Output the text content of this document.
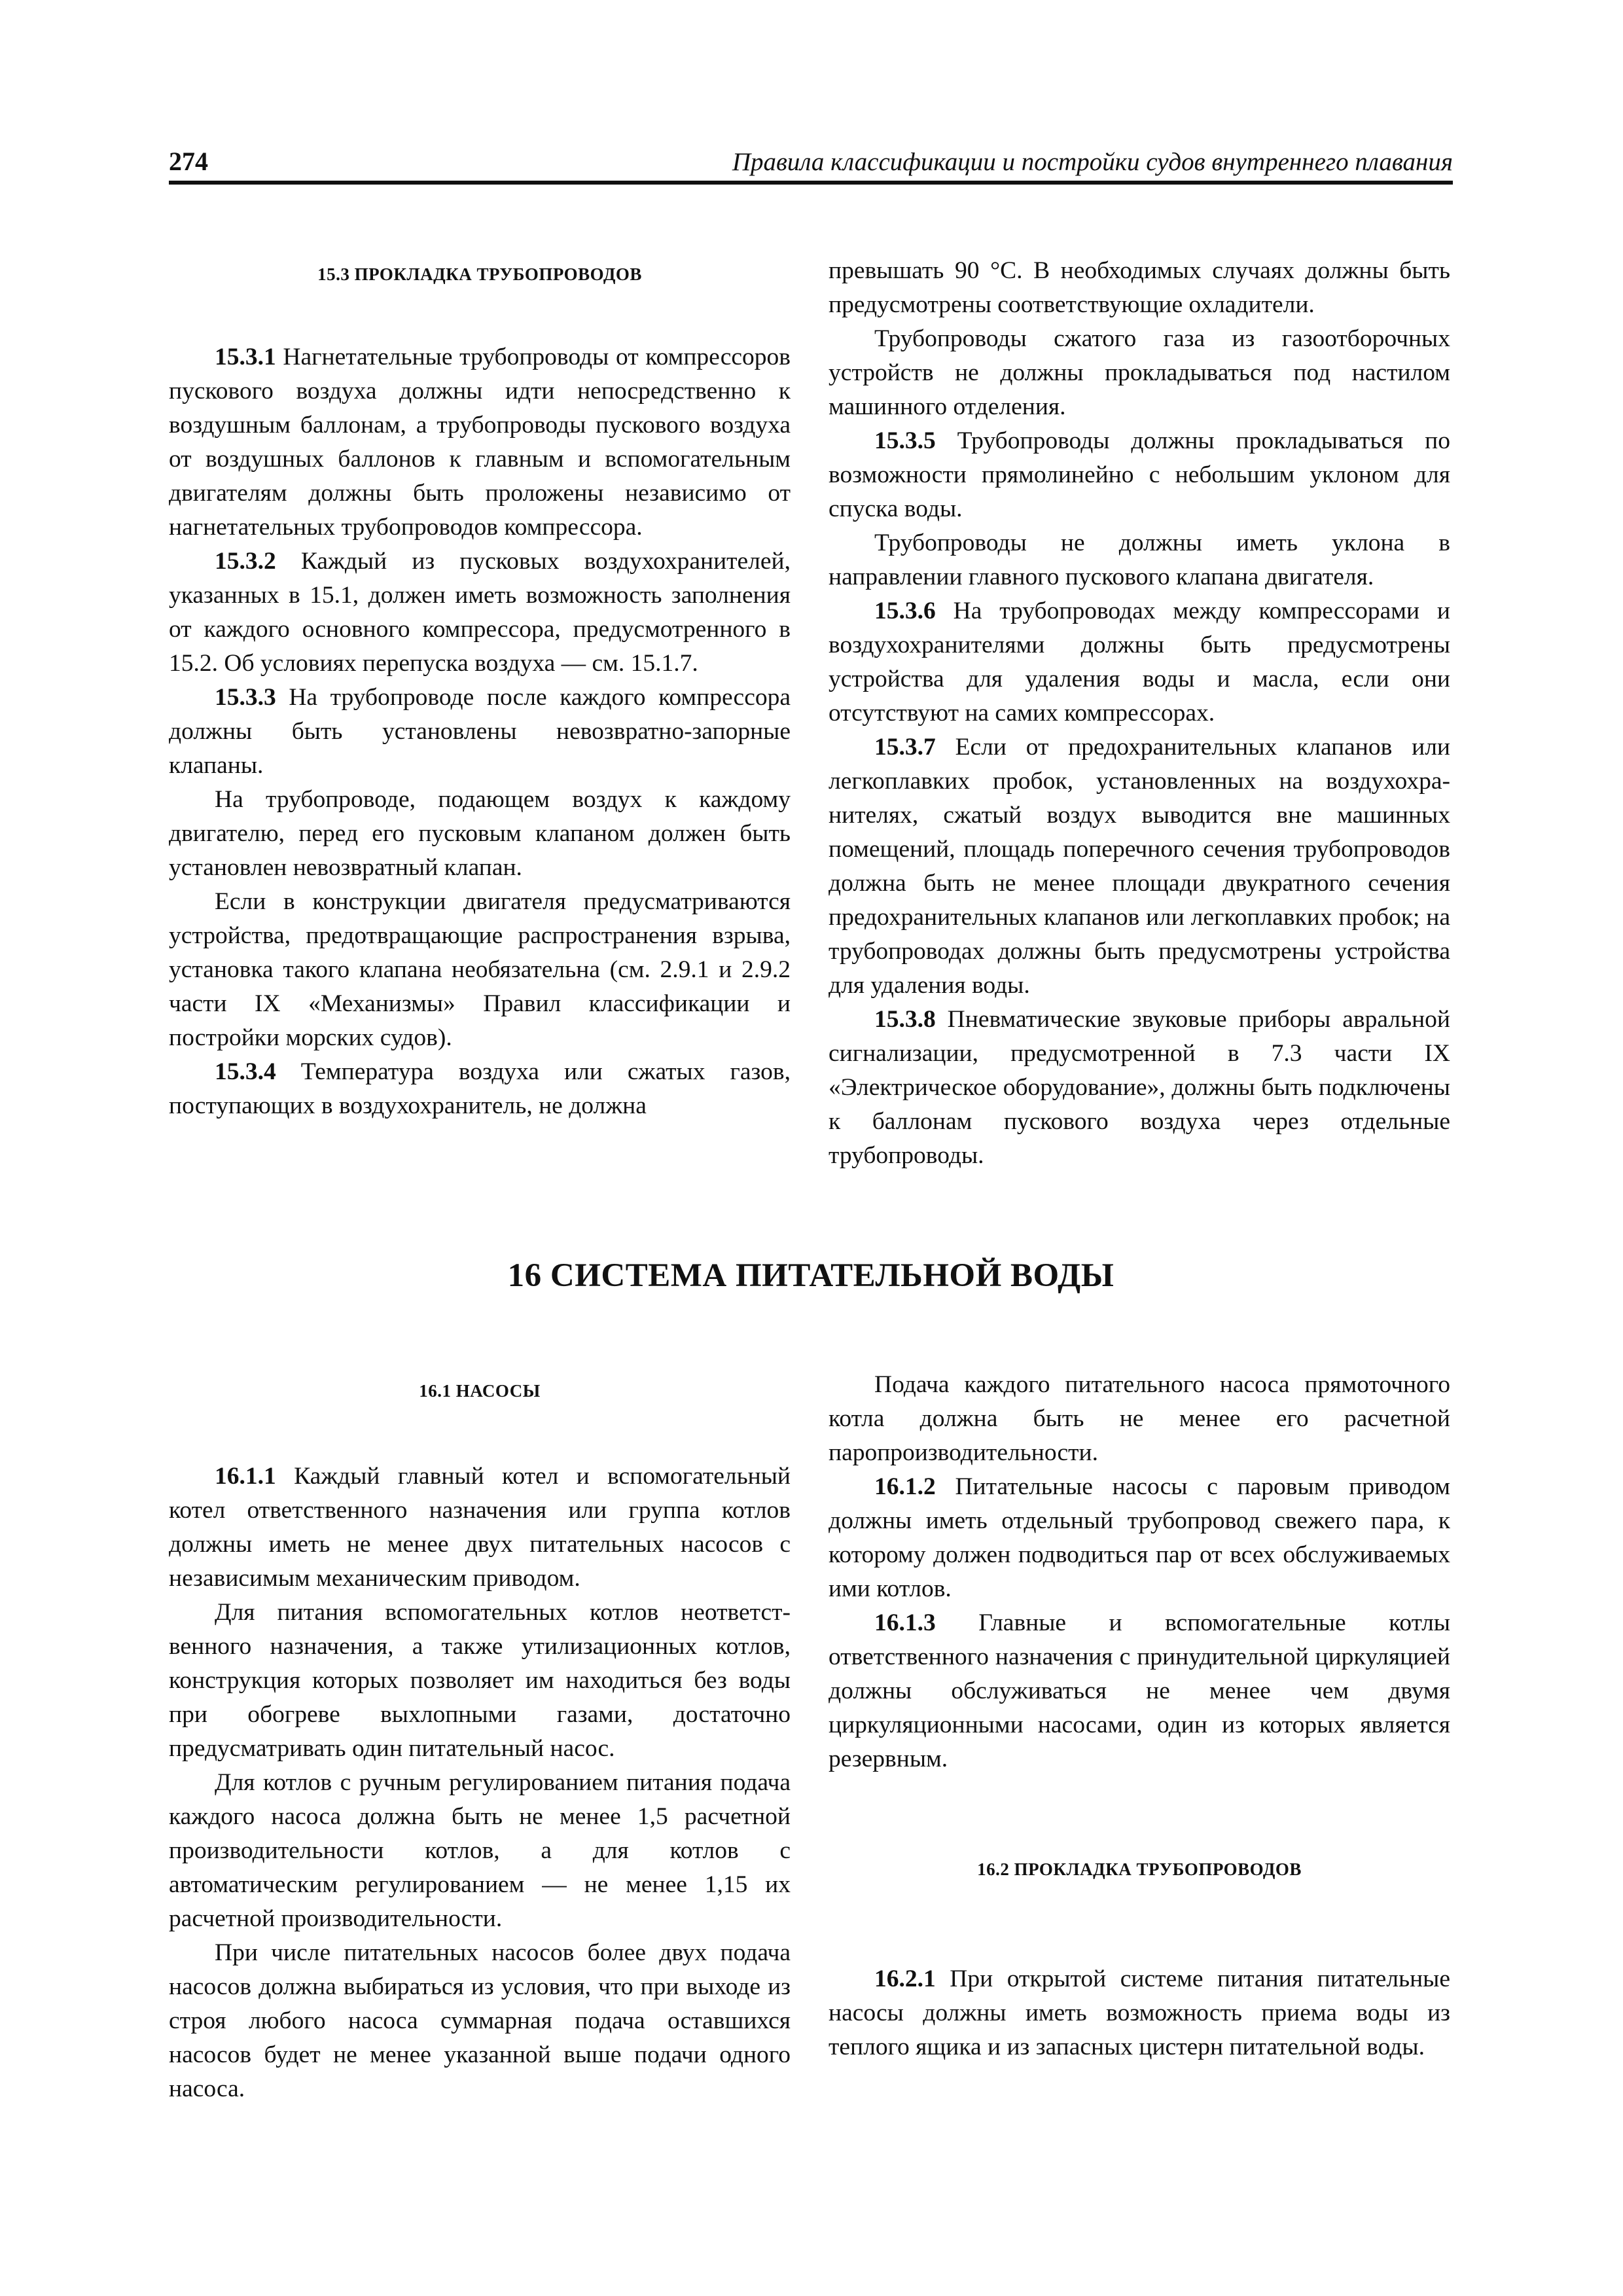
274	Правила классификации и постройки судов внутреннего плавания
15.3 ПРОКЛАДКА ТРУБОПРОВОДОВ

15.3.1 Нагнетательные трубопроводы от компрессоров пускового воздуха должны идти непосредственно к воздушным баллонам, а трубопроводы пускового воздуха от воздушных баллонов к главным и вспомогательным двигателям должны быть проложены независимо от нагнетательных трубопроводов компрессора.

15.3.2 Каждый из пусковых воздухохранителей, указанных в 15.1, должен иметь возможность заполнения от каждого основного компрессора, предусмотренного в 15.2. Об условиях перепуска воздуха — см. 15.1.7.

15.3.3 На трубопроводе после каждого компрессора должны быть установлены невозвратно-запорные клапаны.

На трубопроводе, подающем воздух к каждому двигателю, перед его пусковым клапаном должен быть установлен невозвратный клапан.

Если в конструкции двигателя предусматриваются устройства, предотвращающие распространения взрыва, установка такого клапана необязательна (см. 2.9.1 и 2.9.2 части IX «Механизмы» Правил классификации и постройки морских судов).

15.3.4 Температура воздуха или сжатых газов, поступающих в воздухохранитель, не должна

превышать 90 °С. В необходимых случаях должны быть предусмотрены соответствующие охладители.

Трубопроводы сжатого газа из газоотборочных устройств не должны прокладываться под настилом машинного отделения.

15.3.5 Трубопроводы должны прокладываться по возможности прямолинейно с небольшим уклоном для спуска воды.

Трубопроводы не должны иметь уклона в направлении главного пускового клапана двигателя.

15.3.6 На трубопроводах между компрессорами и воздухохранителями должны быть предусмотрены устройства для удаления воды и масла, если они отсутствуют на самих компрессорах.

15.3.7 Если от предохранительных клапанов или легкоплавких пробок, установленных на воздухохранителях, сжатый воздух выводится вне машинных помещений, площадь поперечного сечения трубопроводов должна быть не менее площади двукратного сечения предохранительных клапанов или легкоплавких пробок; на трубопроводах должны быть предусмотрены устройства для удаления воды.

15.3.8 Пневматические звуковые приборы авральной сигнализации, предусмотренной в 7.3 части IX «Электрическое оборудование», должны быть подключены к баллонам пускового воздуха через отдельные трубопроводы.

16 СИСТЕМА ПИТАТЕЛЬНОЙ ВОДЫ
16.1 НАСОСЫ

16.1.1 Каждый главный котел и вспомогательный котел ответственного назначения или группа котлов должны иметь не менее двух питательных насосов с независимым механическим приводом.

Для питания вспомогательных котлов неответственного назначения, а также утилизационных котлов, конструкция которых позволяет им находиться без воды при обогреве выхлопными газами, достаточно предусматривать один питательный насос.

Для котлов с ручным регулированием питания подача каждого насоса должна быть не менее 1,5 расчетной производительности котлов, а для котлов с автоматическим регулированием — не менее 1,15 их расчетной производительности.

При числе питательных насосов более двух подача насосов должна выбираться из условия, что при выходе из строя любого насоса суммарная подача оставшихся насосов будет не менее указанной выше подачи одного насоса.

Подача каждого питательного насоса прямоточного котла должна быть не менее его расчетной паропроизводительности.

16.1.2 Питательные насосы с паровым приводом должны иметь отдельный трубопровод свежего пара, к которому должен подводиться пар от всех обслуживаемых ими котлов.

16.1.3 Главные и вспомогательные котлы ответственного назначения с принудительной циркуляцией должны обслуживаться не менее чем двумя циркуляционными насосами, один из которых является резервным.

16.2 ПРОКЛАДКА ТРУБОПРОВОДОВ

16.2.1 При открытой системе питания питательные насосы должны иметь возможность приема воды из теплого ящика и из запасных цистерн питательной воды.
